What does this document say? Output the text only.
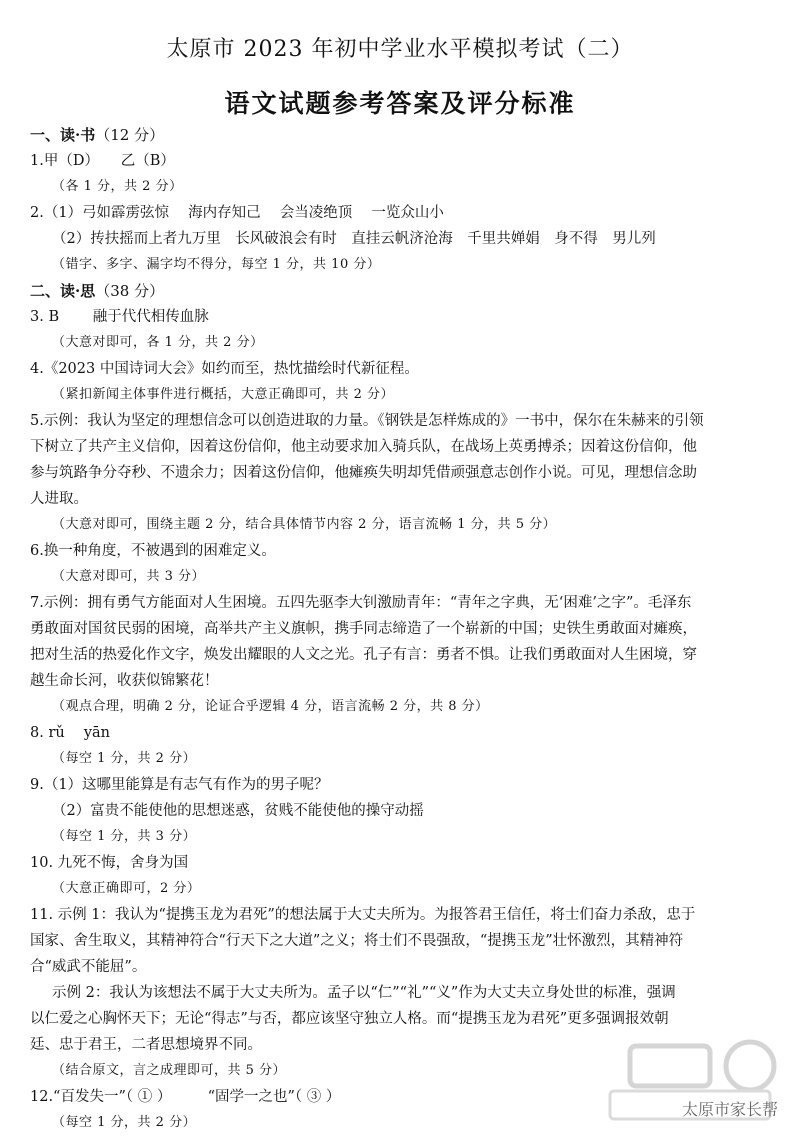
太原市 2023 年初中学业水平模拟考试（二）
语文试题参考答案及评分标准
一、读·书（12 分）
1.甲（D）　　乙（B）
（各 1 分，共 2 分）
2.（1）弓如霹雳弦惊　 海内存知己　 会当凌绝顶　 一览众山小
（2）抟扶摇而上者九万里　长风破浪会有时　直挂云帆济沧海　千里共婵娟　身不得　男儿列
（错字、多字、漏字均不得分，每空 1 分，共 10 分）
二、读·思（38 分）
3. B　　 融于代代相传血脉
（大意对即可，各 1 分，共 2 分）
4.《2023 中国诗词大会》如约而至，热忱描绘时代新征程。
（紧扣新闻主体事件进行概括，大意正确即可，共 2 分）
5.示例：我认为坚定的理想信念可以创造进取的力量。《钢铁是怎样炼成的》一书中，保尔在朱赫来的引领
下树立了共产主义信仰，因着这份信仰，他主动要求加入骑兵队，在战场上英勇搏杀；因着这份信仰，他
参与筑路争分夺秒、不遗余力；因着这份信仰，他瘫痪失明却凭借顽强意志创作小说。可见，理想信念助
人进取。
（大意对即可，围绕主题 2 分，结合具体情节内容 2 分，语言流畅 1 分，共 5 分）
6.换一种角度，不被遇到的困难定义。
（大意对即可，共 3 分）
7.示例：拥有勇气方能面对人生困境。五四先驱李大钊激励青年：“青年之字典，无‘困难’之字”。毛泽东
勇敢面对国贫民弱的困境，高举共产主义旗帜，携手同志缔造了一个崭新的中国；史铁生勇敢面对瘫痪，
把对生活的热爱化作文字，焕发出耀眼的人文之光。孔子有言：勇者不惧。让我们勇敢面对人生困境，穿
越生命长河，收获似锦繁花！
（观点合理，明确 2 分，论证合乎逻辑 4 分，语言流畅 2 分，共 8 分）
8. rǔ　 yān
（每空 1 分，共 2 分）
9.（1）这哪里能算是有志气有作为的男子呢？
（2）富贵不能使他的思想迷惑，贫贱不能使他的操守动摇
（每空 1 分，共 3 分）
10. 九死不悔，舍身为国
（大意正确即可，2 分）
11. 示例 1：我认为“提携玉龙为君死”的想法属于大丈夫所为。为报答君王信任，将士们奋力杀敌，忠于
国家、舍生取义，其精神符合“行天下之大道”之义；将士们不畏强敌，“提携玉龙”壮怀激烈，其精神符
合“威武不能屈”。
示例 2：我认为该想法不属于大丈夫所为。孟子以“仁”“礼”“义”作为大丈夫立身处世的标准，强调
以仁爱之心胸怀天下；无论“得志”与否，都应该坚守独立人格。而“提携玉龙为君死”更多强调报效朝
廷、忠于君王，二者思想境界不同。
（结合原文，言之成理即可，共 5 分）
12.“百发失一”（ ① ）　　　“固学一之也”（ ③ ）
（每空 1 分，共 2 分）
太原市家长帮
